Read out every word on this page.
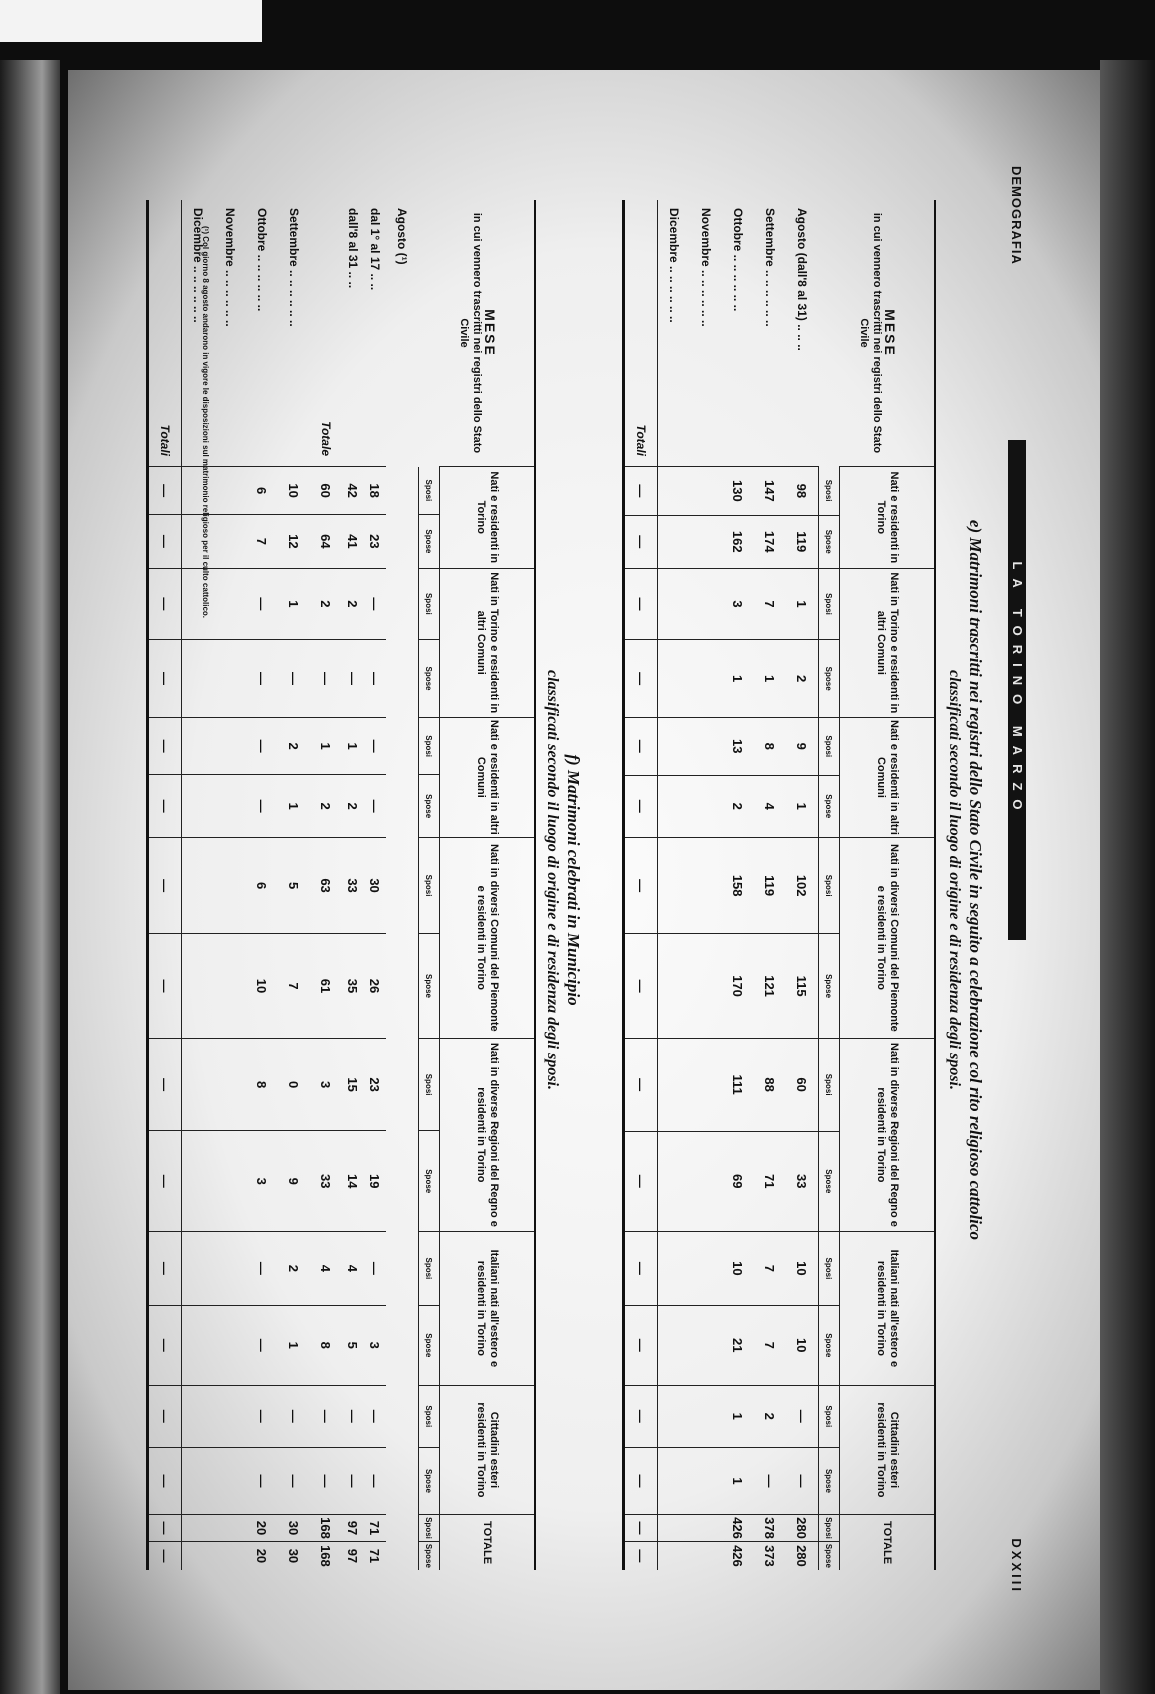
DEMOGRAFIA
LA TORINO MARZO
DXXIII
e) Matrimoni trascritti nei registri dello Stato Civile in seguito a celebrazione col rito religioso cattolico
classificati secondo il luogo di origine e di residenza degli sposi.
MESE
in cui vennero trascritti nei registri dello Stato Civile	Nati e residenti in Torino		Nati in Torino e residenti in altri Comuni		Nati e residenti in altri Comuni		Nati in diversi Comuni del Piemonte e residenti in Torino		Nati in diverse Regioni del Regno e residenti in Torino		Italiani nati all'estero e residenti in Torino		Cittadini esteri residenti in Torino		TOTALE	
	Sposi	Spose	Sposi	Spose	Sposi	Spose	Sposi	Spose	Sposi	Spose	Sposi	Spose	Sposi	Spose	Sposi	Spose
Agosto (dall'8 al 31) .. .. ..	98	119	1	2	9	1	102	115	60	33	10	10	—	—	280	280
Settembre .. .. .. .. .. ..	147	174	7	1	8	4	119	121	88	71	7	7	2	—	378	373
Ottobre .. .. .. .. .. ..	130	162	3	1	13	2	158	170	111	69	10	21	1	1	426	426
Novembre .. .. .. .. .. ..																
Dicembre .. .. .. .. .. ..																
Totali	—	—	—	—	—	—	—	—	—	—	—	—	—	—	—	—
f) Matrimoni celebrati in Municipio
classificati secondo il luogo di origine e di residenza degli sposi.
MESE
in cui vennero trascritti nei registri dello Stato Civile	Nati e residenti in Torino		Nati in Torino e residenti in altri Comuni		Nati e residenti in altri Comuni		Nati in diversi Comuni del Piemonte e residenti in Torino		Nati in diverse Regioni del Regno e residenti in Torino		Italiani nati all'estero e residenti in Torino		Cittadini esteri residenti in Torino		TOTALE	
	Sposi	Spose	Sposi	Spose	Sposi	Spose	Sposi	Spose	Sposi	Spose	Sposi	Spose	Sposi	Spose	Sposi	Spose
Agosto (¹)																
dal 1° al 17 .. ..	18	23	—	—	—	—	30	26	23	19	—	3	—	—	71	71
dall'8 al 31 .. ..	42	41	2	—	1	2	33	35	15	14	4	5	—	—	97	97
Totale	60	64	2	—	1	2	63	61	3	33	4	8	—	—	168	168
Settembre .. .. .. .. .. ..	10	12	1	—	2	1	5	7	0	9	2	1	—	—	30	30
Ottobre .. .. .. .. .. ..	6	7	—	—	—	—	6	10	8	3	—	—	—	—	20	20
Novembre .. .. .. .. .. ..																
Dicembre .. .. .. .. .. ..																
Totali	—	—	—	—	—	—	—	—	—	—	—	—	—	—	—	—
(¹) Col giorno 8 agosto andarono in vigore le disposizioni sul matrimonio religioso per il culto cattolico.
